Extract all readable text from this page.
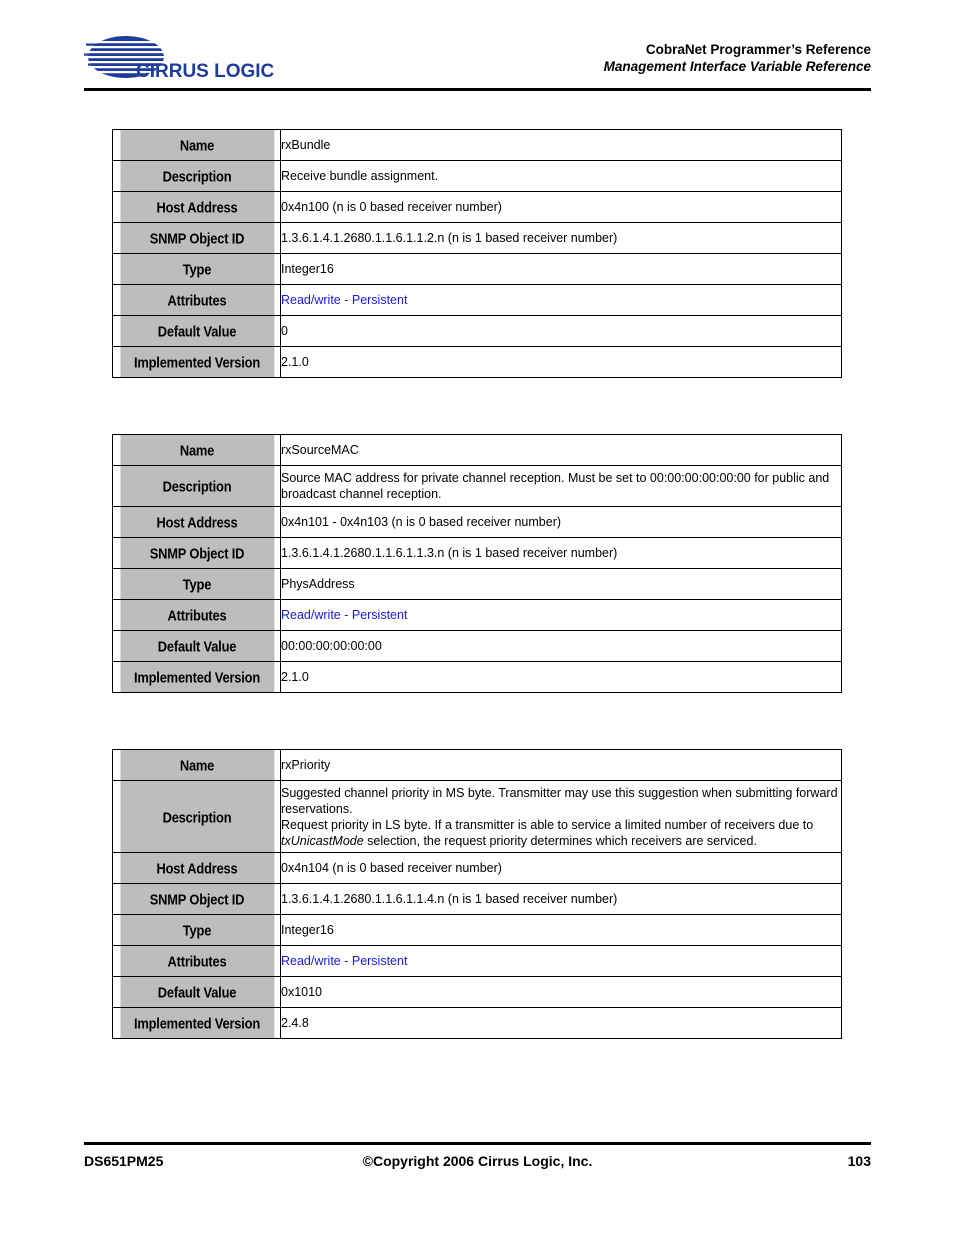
CIRRUS LOGIC
CobraNet Programmer’s Reference
Management Interface Variable Reference
Name	rxBundle
Description	Receive bundle assignment.
Host Address	0x4n100 (n is 0 based receiver number)
SNMP Object ID	1.3.6.1.4.1.2680.1.1.6.1.1.2.n (n is 1 based receiver number)
Type	Integer16
Attributes	Read/write - Persistent
Default Value	0
Implemented Version	2.1.0
Name	rxSourceMAC
Description	Source MAC address for private channel reception. Must be set to 00:00:00:00:00:00 for public and broadcast channel reception.
Host Address	0x4n101 - 0x4n103 (n is 0 based receiver number)
SNMP Object ID	1.3.6.1.4.1.2680.1.1.6.1.1.3.n (n is 1 based receiver number)
Type	PhysAddress
Attributes	Read/write - Persistent
Default Value	00:00:00:00:00:00
Implemented Version	2.1.0
Name	rxPriority
Description	Suggested channel priority in MS byte. Transmitter may use this suggestion when submitting forward reservations.
Request priority in LS byte. If a transmitter is able to service a limited number of receivers due to txUnicastMode selection, the request priority determines which receivers are serviced.
Host Address	0x4n104 (n is 0 based receiver number)
SNMP Object ID	1.3.6.1.4.1.2680.1.1.6.1.1.4.n (n is 1 based receiver number)
Type	Integer16
Attributes	Read/write - Persistent
Default Value	0x1010
Implemented Version	2.4.8
DS651PM25	©Copyright 2006 Cirrus Logic, Inc.	103
